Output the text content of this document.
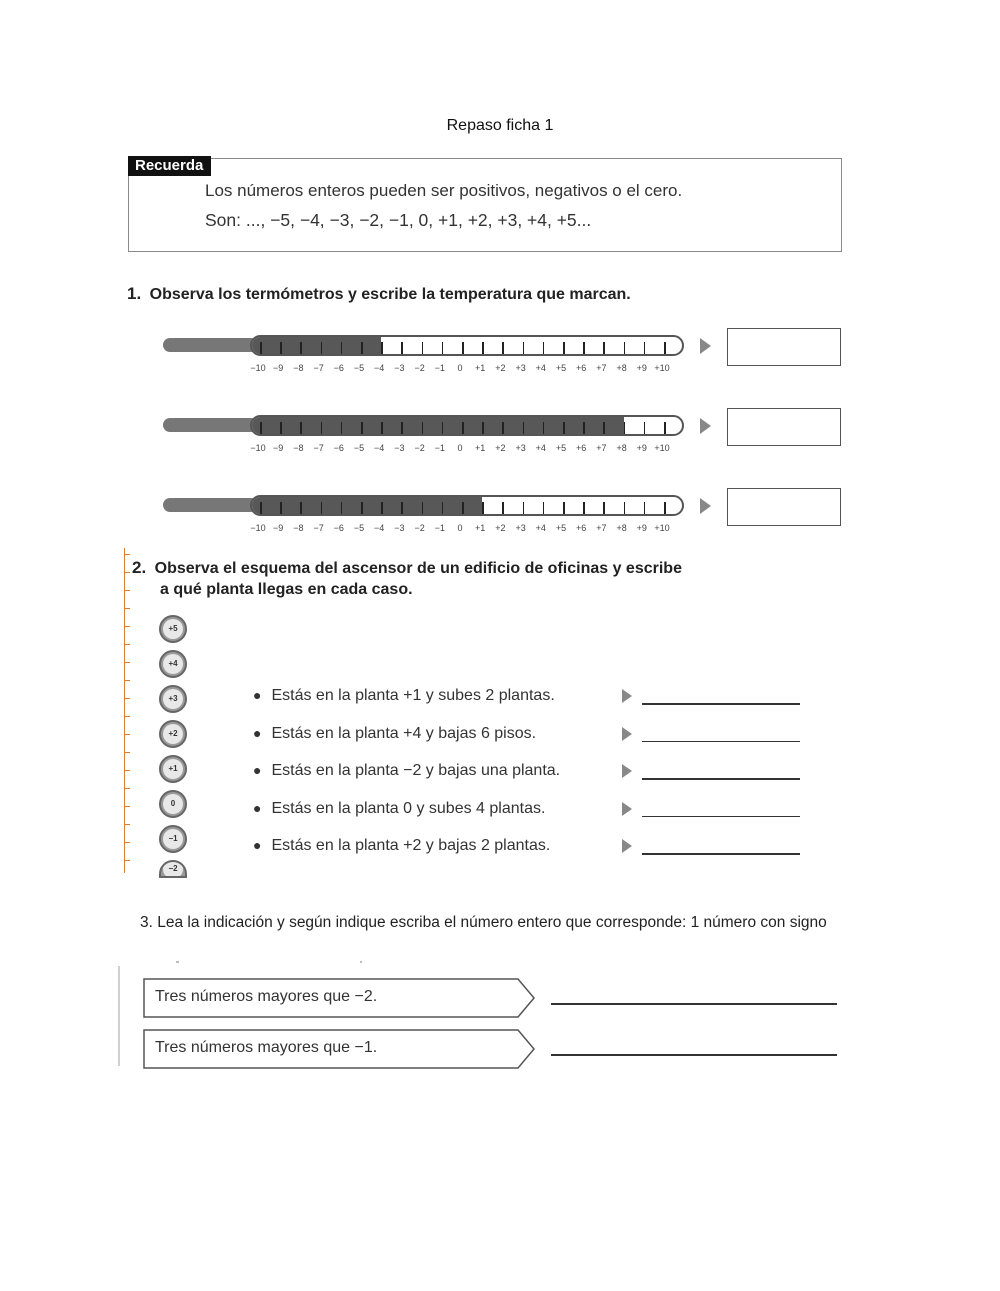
Repaso ficha 1
Recuerda
Los números enteros pueden ser positivos, negativos o el cero.
Son: ..., −5, −4, −3, −2, −1, 0, +1, +2, +3, +4, +5...
1. Observa los termómetros y escribe la temperatura que marcan.
−10 −9 −8 −7 −6 −5 −4 −3 −2 −1 0 +1 +2 +3 +4 +5 +6 +7 +8 +9 +10
−10 −9 −8 −7 −6 −5 −4 −3 −2 −1 0 +1 +2 +3 +4 +5 +6 +7 +8 +9 +10
−10 −9 −8 −7 −6 −5 −4 −3 −2 −1 0 +1 +2 +3 +4 +5 +6 +7 +8 +9 +10
2. Observa el esquema del ascensor de un edificio de oficinas y escribe
a qué planta llegas en cada caso.
+5
+4
+3
+2
+1
0
−1
−2
● Estás en la planta +1 y subes 2 plantas.
● Estás en la planta +4 y bajas 6 pisos.
● Estás en la planta −2 y bajas una planta.
● Estás en la planta 0 y subes 4 plantas.
● Estás en la planta +2 y bajas 2 plantas.
3. Lea la indicación y según indique escriba el número entero que corresponde: 1 número con signo
Tres números mayores que −2.
Tres números mayores que −1.
